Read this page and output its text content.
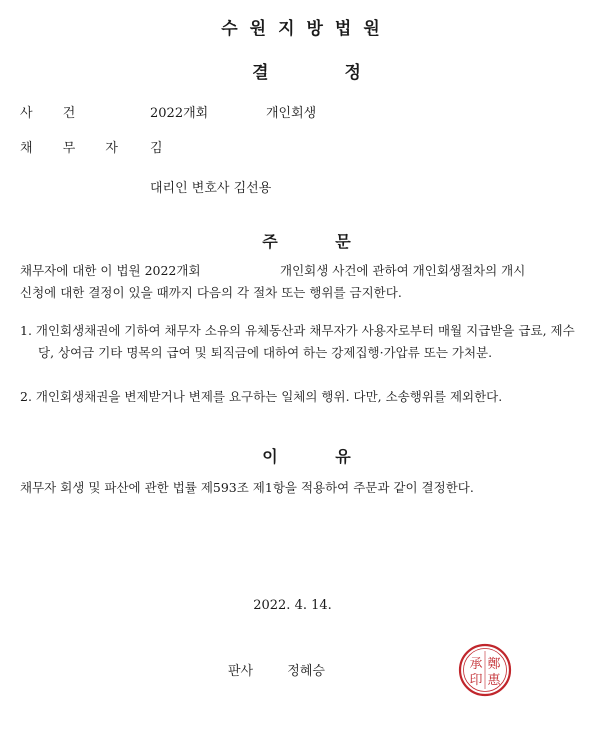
수원지방법원
결 정
사 건	2022개회	개인회생
채 무 자 김
대리인 변호사 김선용
주 문
채무자에 대한 이 법원 2022개회	개인회생 사건에 관하여 개인회생절차의 개시
신청에 대한 결정이 있을 때까지 다음의 각 절차 또는 행위를 금지한다.
1. 개인회생채권에 기하여 채무자 소유의 유체동산과 채무자가 사용자로부터 매월 지급받을 급료, 제수당, 상여금 기타 명목의 급여 및 퇴직금에 대하여 하는 강제집행·가압류 또는 가처분.
2. 개인회생채권을 변제받거나 변제를 요구하는 일체의 행위. 다만, 소송행위를 제외한다.
이 유
채무자 회생 및 파산에 관한 법률 제593조 제1항을 적용하여 주문과 같이 결정한다.
2022. 4. 14.
판사	정혜승	鄭
惠
承
印
